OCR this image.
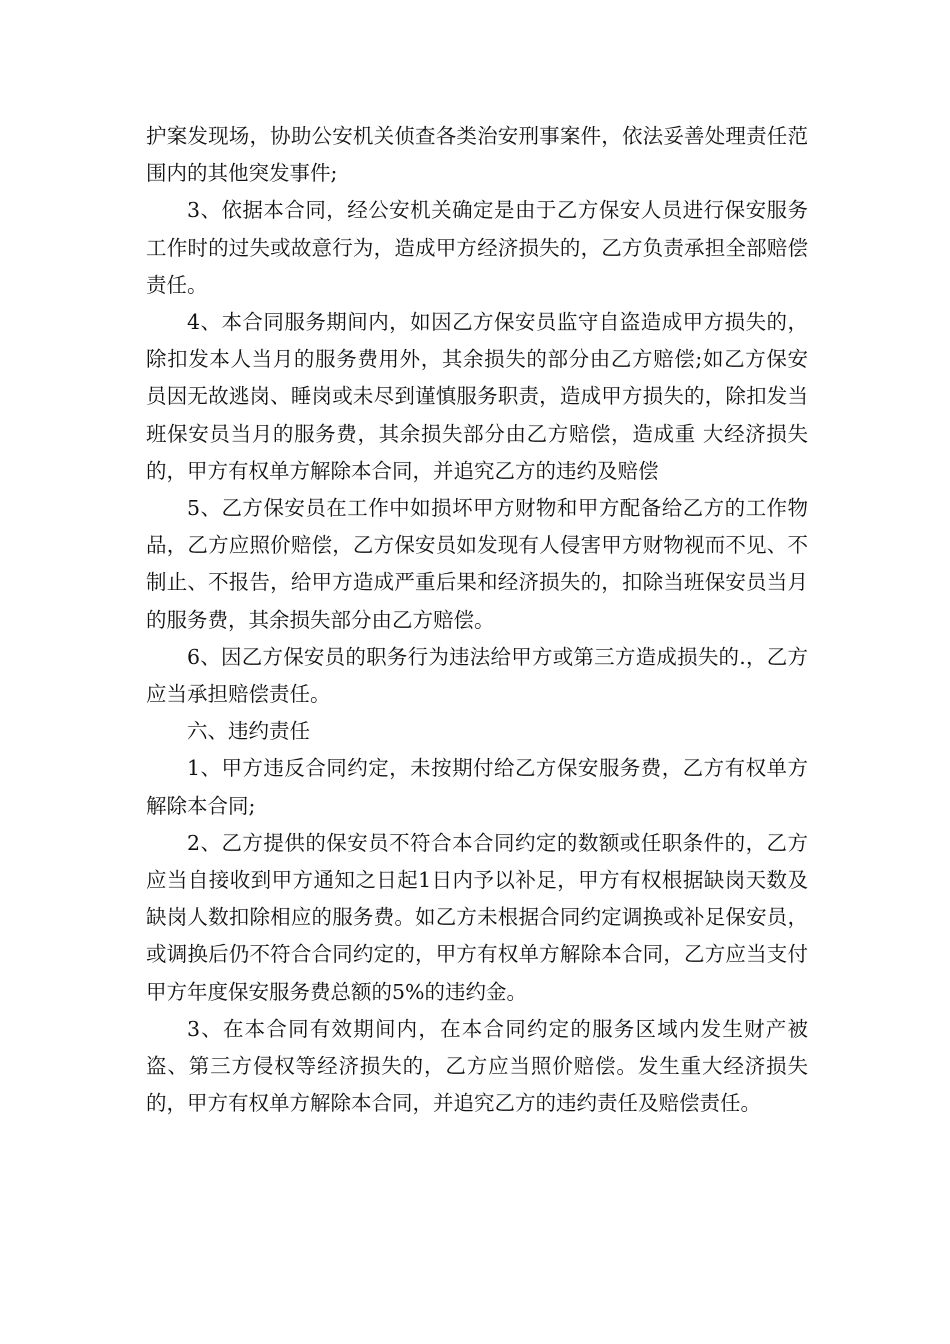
护案发现场，协助公安机关侦查各类治安刑事案件，依法妥善处理责任范围内的其他突发事件;

3、依据本合同，经公安机关确定是由于乙方保安人员进行保安服务工作时的过失或故意行为，造成甲方经济损失的，乙方负责承担全部赔偿责任。

4、本合同服务期间内，如因乙方保安员监守自盗造成甲方损失的，除扣发本人当月的服务费用外，其余损失的部分由乙方赔偿;如乙方保安员因无故逃岗、睡岗或未尽到谨慎服务职责，造成甲方损失的，除扣发当班保安员当月的服务费，其余损失部分由乙方赔偿，造成重 大经济损失的，甲方有权单方解除本合同，并追究乙方的违约及赔偿

5、乙方保安员在工作中如损坏甲方财物和甲方配备给乙方的工作物品，乙方应照价赔偿，乙方保安员如发现有人侵害甲方财物视而不见、不制止、不报告，给甲方造成严重后果和经济损失的，扣除当班保安员当月的服务费，其余损失部分由乙方赔偿。

6、因乙方保安员的职务行为违法给甲方或第三方造成损失的.，乙方应当承担赔偿责任。

六、违约责任

1、甲方违反合同约定，未按期付给乙方保安服务费，乙方有权单方解除本合同;

2、乙方提供的保安员不符合本合同约定的数额或任职条件的，乙方应当自接收到甲方通知之日起1日内予以补足，甲方有权根据缺岗天数及缺岗人数扣除相应的服务费。如乙方未根据合同约定调换或补足保安员，或调换后仍不符合合同约定的，甲方有权单方解除本合同，乙方应当支付甲方年度保安服务费总额的5%的违约金。

3、在本合同有效期间内，在本合同约定的服务区域内发生财产被盗、第三方侵权等经济损失的，乙方应当照价赔偿。发生重大经济损失的，甲方有权单方解除本合同，并追究乙方的违约责任及赔偿责任。
